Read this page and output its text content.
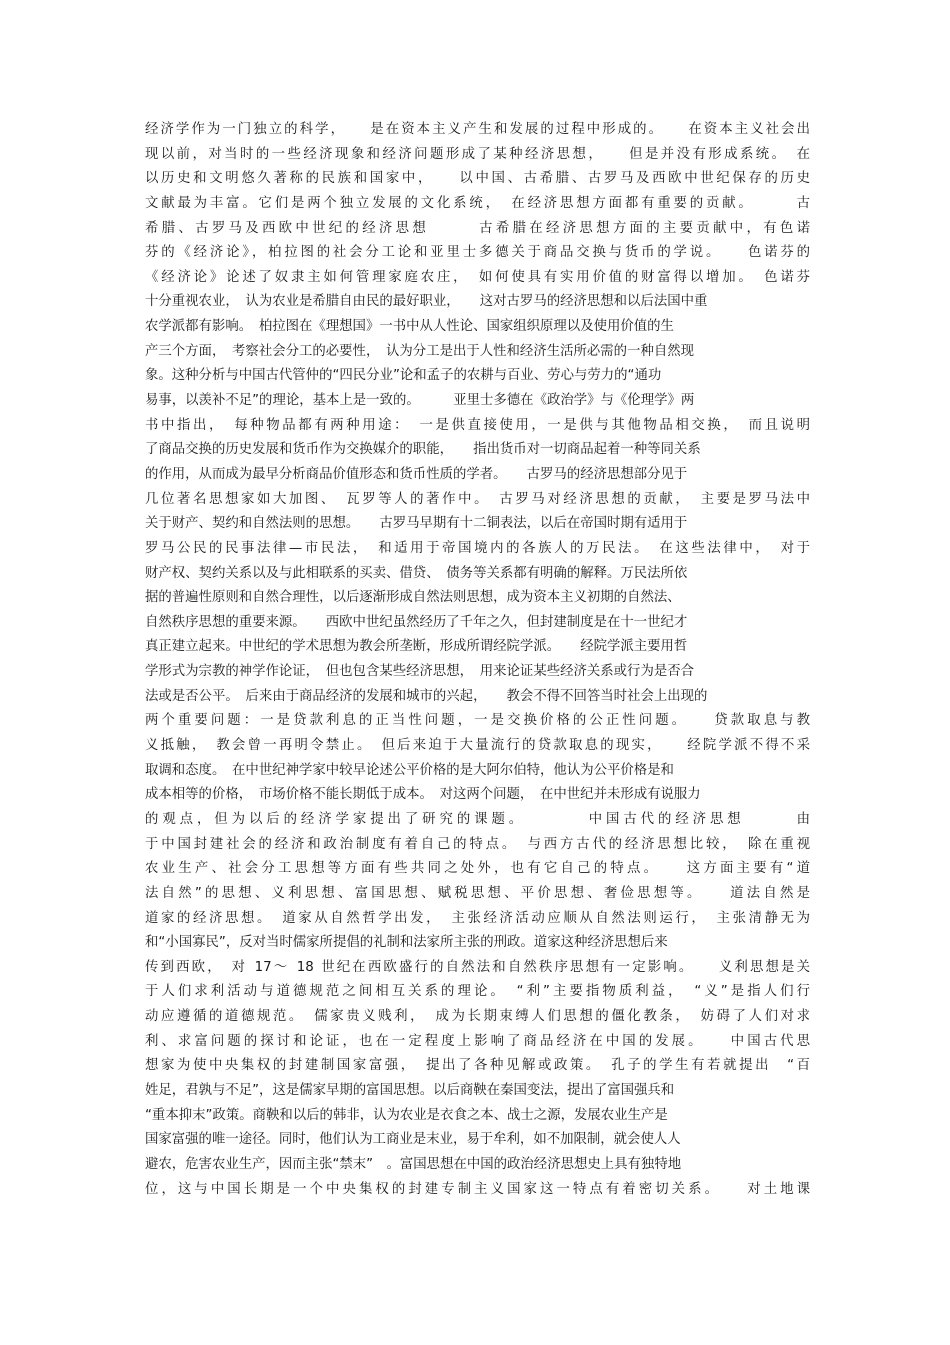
经济学作为一门独立的科学，　　是在资本主义产生和发展的过程中形成的。　　在资本主义社会出
现以前，对当时的一些经济现象和经济问题形成了某种经济思想，　　但是并没有形成系统。　在
以历史和文明悠久著称的民族和国家中，　　以中国、古希腊、古罗马及西欧中世纪保存的历史
文献最为丰富。它们是两个独立发展的文化系统，　在经济思想方面都有重要的贡献。　　　古
希腊、古罗马及西欧中世纪的经济思想　　　古希腊在经济思想方面的主要贡献中，有色诺
芬的《经济论》，柏拉图的社会分工论和亚里士多德关于商品交换与货币的学说。　　色诺芬的
《经济论》论述了奴隶主如何管理家庭农庄，　如何使具有实用价值的财富得以增加。　色诺芬
十分重视农业，　认为农业是希腊自由民的最好职业，　　这对古罗马的经济思想和以后法国中重
农学派都有影响。　柏拉图在《理想国》一书中从人性论、国家组织原理以及使用价值的生
产三个方面，　考察社会分工的必要性，　认为分工是出于人性和经济生活所必需的一种自然现
象。这种分析与中国古代管仲的“四民分业”论和孟子的农耕与百业、劳心与劳力的“通功
易事，以羡补不足”的理论，基本上是一致的。　　　亚里士多德在《政治学》与《伦理学》两
书中指出，　每种物品都有两种用途：　一是供直接使用，一是供与其他物品相交换，　而且说明
了商品交换的历史发展和货币作为交换媒介的职能，　　指出货币对一切商品起着一种等同关系
的作用，从而成为最早分析商品价值形态和货币性质的学者。　　古罗马的经济思想部分见于
几位著名思想家如大加图、　瓦罗等人的著作中。　古罗马对经济思想的贡献，　主要是罗马法中
关于财产、契约和自然法则的思想。　　古罗马早期有十二铜表法，以后在帝国时期有适用于
罗马公民的民事法律—市民法，　和适用于帝国境内的各族人的万民法。　在这些法律中，　对于
财产权、契约关系以及与此相联系的买卖、借贷、　债务等关系都有明确的解释。万民法所依
据的普遍性原则和自然合理性，以后逐渐形成自然法则思想，成为资本主义初期的自然法、
自然秩序思想的重要来源。　　西欧中世纪虽然经历了千年之久，但封建制度是在十一世纪才
真正建立起来。中世纪的学术思想为教会所垄断，形成所谓经院学派。　　经院学派主要用哲
学形式为宗教的神学作论证，　但也包含某些经济思想，　用来论证某些经济关系或行为是否合
法或是否公平。　后来由于商品经济的发展和城市的兴起，　　教会不得不回答当时社会上出现的
两个重要问题：一是贷款利息的正当性问题，一是交换价格的公正性问题。　　贷款取息与教
义抵触，　教会曾一再明令禁止。　但后来迫于大量流行的贷款取息的现实，　　经院学派不得不采
取调和态度。　在中世纪神学家中较早论述公平价格的是大阿尔伯特，他认为公平价格是和
成本相等的价格，　市场价格不能长期低于成本。　对这两个问题，　在中世纪并未形成有说服力
的观点，但为以后的经济学家提出了研究的课题。　　　　中国古代的经济思想　　　由
于中国封建社会的经济和政治制度有着自己的特点。　与西方古代的经济思想比较，　除在重视
农业生产、社会分工思想等方面有些共同之处外，也有它自己的特点。　　这方面主要有“道
法自然”的思想、义利思想、富国思想、赋税思想、平价思想、奢俭思想等。　　道法自然是
道家的经济思想。　道家从自然哲学出发，　主张经济活动应顺从自然法则运行，　主张清静无为
和“小国寡民”，反对当时儒家所提倡的礼制和法家所主张的刑政。道家这种经济思想后来
传到西欧，　对 17～ 18 世纪在西欧盛行的自然法和自然秩序思想有一定影响。　　义利思想是关
于人们求利活动与道德规范之间相互关系的理论。　“利”主要指物质利益，　“义”是指人们行
动应遵循的道德规范。　儒家贵义贱利，　成为长期束缚人们思想的僵化教条，　妨碍了人们对求
利、求富问题的探讨和论证，也在一定程度上影响了商品经济在中国的发展。　　中国古代思
想家为使中央集权的封建制国家富强，　提出了各种见解或政策。　孔子的学生有若就提出　“百
姓足，君孰与不足”，这是儒家早期的富国思想。以后商鞅在秦国变法，提出了富国强兵和
“重本抑末”政策。商鞅和以后的韩非，认为农业是衣食之本、战士之源，发展农业生产是
国家富强的唯一途径。同时，他们认为工商业是末业，易于牟利，如不加限制，就会使人人
避农，危害农业生产，因而主张“禁末”　。富国思想在中国的政治经济思想史上具有独特地
位，这与中国长期是一个中央集权的封建专制主义国家这一特点有着密切关系。　　对土地课
